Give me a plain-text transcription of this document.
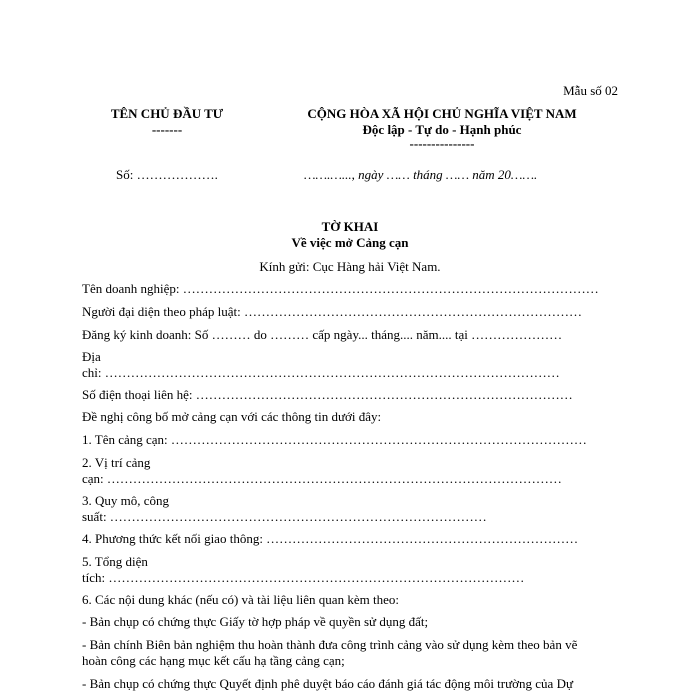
Mẫu số 02
TÊN CHỦ ĐẦU TƯ
-------
CỘNG HÒA XÃ HỘI CHỦ NGHĨA VIỆT NAM
Độc lập - Tự do - Hạnh phúc
---------------
Số: ……………….	…….…..., ngày …… tháng …… năm 20…….
TỜ KHAI
Về việc mở Cảng cạn
Kính gửi: Cục Hàng hải Việt Nam.
Tên doanh nghiệp: ……………………………………………………………………………………
Người đại diện theo pháp luật: ……………………………………………………………………
Đăng ký kinh doanh: Số ……… do ……… cấp ngày... tháng.... năm.... tại …………………
Địa
chỉ: ……………………………………………………………………………………………
Số điện thoại liên hệ: ……………………………………………………………………………
Đề nghị công bố mở cảng cạn với các thông tin dưới đây:
1. Tên cảng cạn: ……………………………………………………………………………………
2. Vị trí cảng
cạn: ……………………………………………………………………………………………
3. Quy mô, công
suất: ……………………………………………………………………………
4. Phương thức kết nối giao thông: ………………………………………………………………
5. Tổng diện
tích: ……………………………………………………………………………………
6. Các nội dung khác (nếu có) và tài liệu liên quan kèm theo:
- Bản chụp có chứng thực Giấy tờ hợp pháp về quyền sử dụng đất;
- Bản chính Biên bản nghiệm thu hoàn thành đưa công trình cảng vào sử dụng kèm theo bản vẽ
hoàn công các hạng mục kết cấu hạ tầng cảng cạn;
- Bản chụp có chứng thực Quyết định phê duyệt báo cáo đánh giá tác động môi trường của Dự
